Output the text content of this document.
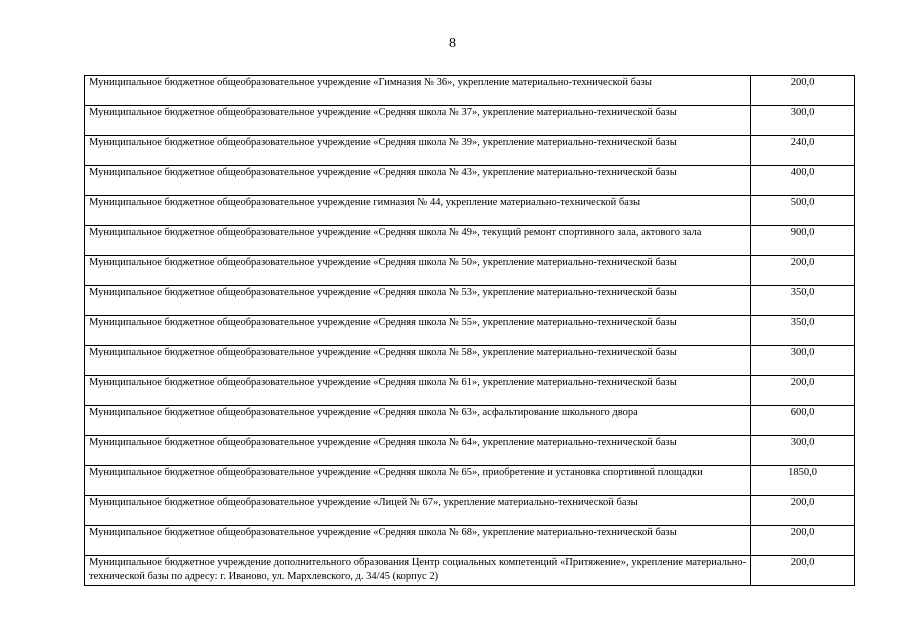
8
Муниципальное бюджетное общеобразовательное учреждение «Гимназия № 36», укрепление материально-технической базы	200,0
Муниципальное бюджетное общеобразовательное учреждение «Средняя школа № 37», укрепление материально-технической базы	300,0
Муниципальное бюджетное общеобразовательное учреждение «Средняя школа № 39», укрепление материально-технической базы	240,0
Муниципальное бюджетное общеобразовательное учреждение «Средняя школа № 43», укрепление материально-технической базы	400,0
Муниципальное бюджетное общеобразовательное учреждение гимназия № 44, укрепление материально-технической базы	500,0
Муниципальное бюджетное общеобразовательное учреждение «Средняя школа № 49», текущий ремонт спортивного зала, актового зала	900,0
Муниципальное бюджетное общеобразовательное учреждение «Средняя школа № 50», укрепление материально-технической базы	200,0
Муниципальное бюджетное общеобразовательное учреждение «Средняя школа № 53», укрепление материально-технической базы	350,0
Муниципальное бюджетное общеобразовательное учреждение «Средняя школа № 55», укрепление материально-технической базы	350,0
Муниципальное бюджетное общеобразовательное учреждение «Средняя школа № 58», укрепление материально-технической базы	300,0
Муниципальное бюджетное общеобразовательное учреждение «Средняя школа № 61», укрепление материально-технической базы	200,0
Муниципальное бюджетное общеобразовательное учреждение «Средняя школа № 63», асфальтирование школьного двора	600,0
Муниципальное бюджетное общеобразовательное учреждение «Средняя школа № 64», укрепление материально-технической базы	300,0
Муниципальное бюджетное общеобразовательное учреждение «Средняя школа № 65», приобретение и установка спортивной площадки	1850,0
Муниципальное бюджетное общеобразовательное учреждение «Лицей № 67», укрепление материально-технической базы	200,0
Муниципальное бюджетное общеобразовательное учреждение «Средняя школа № 68», укрепление материально-технической базы	200,0
Муниципальное бюджетное учреждение дополнительного образования Центр социальных компетенций «Притяжение», укрепление материально-технической базы по адресу: г. Иваново, ул. Мархлевского, д. 34/45 (корпус 2)	200,0
